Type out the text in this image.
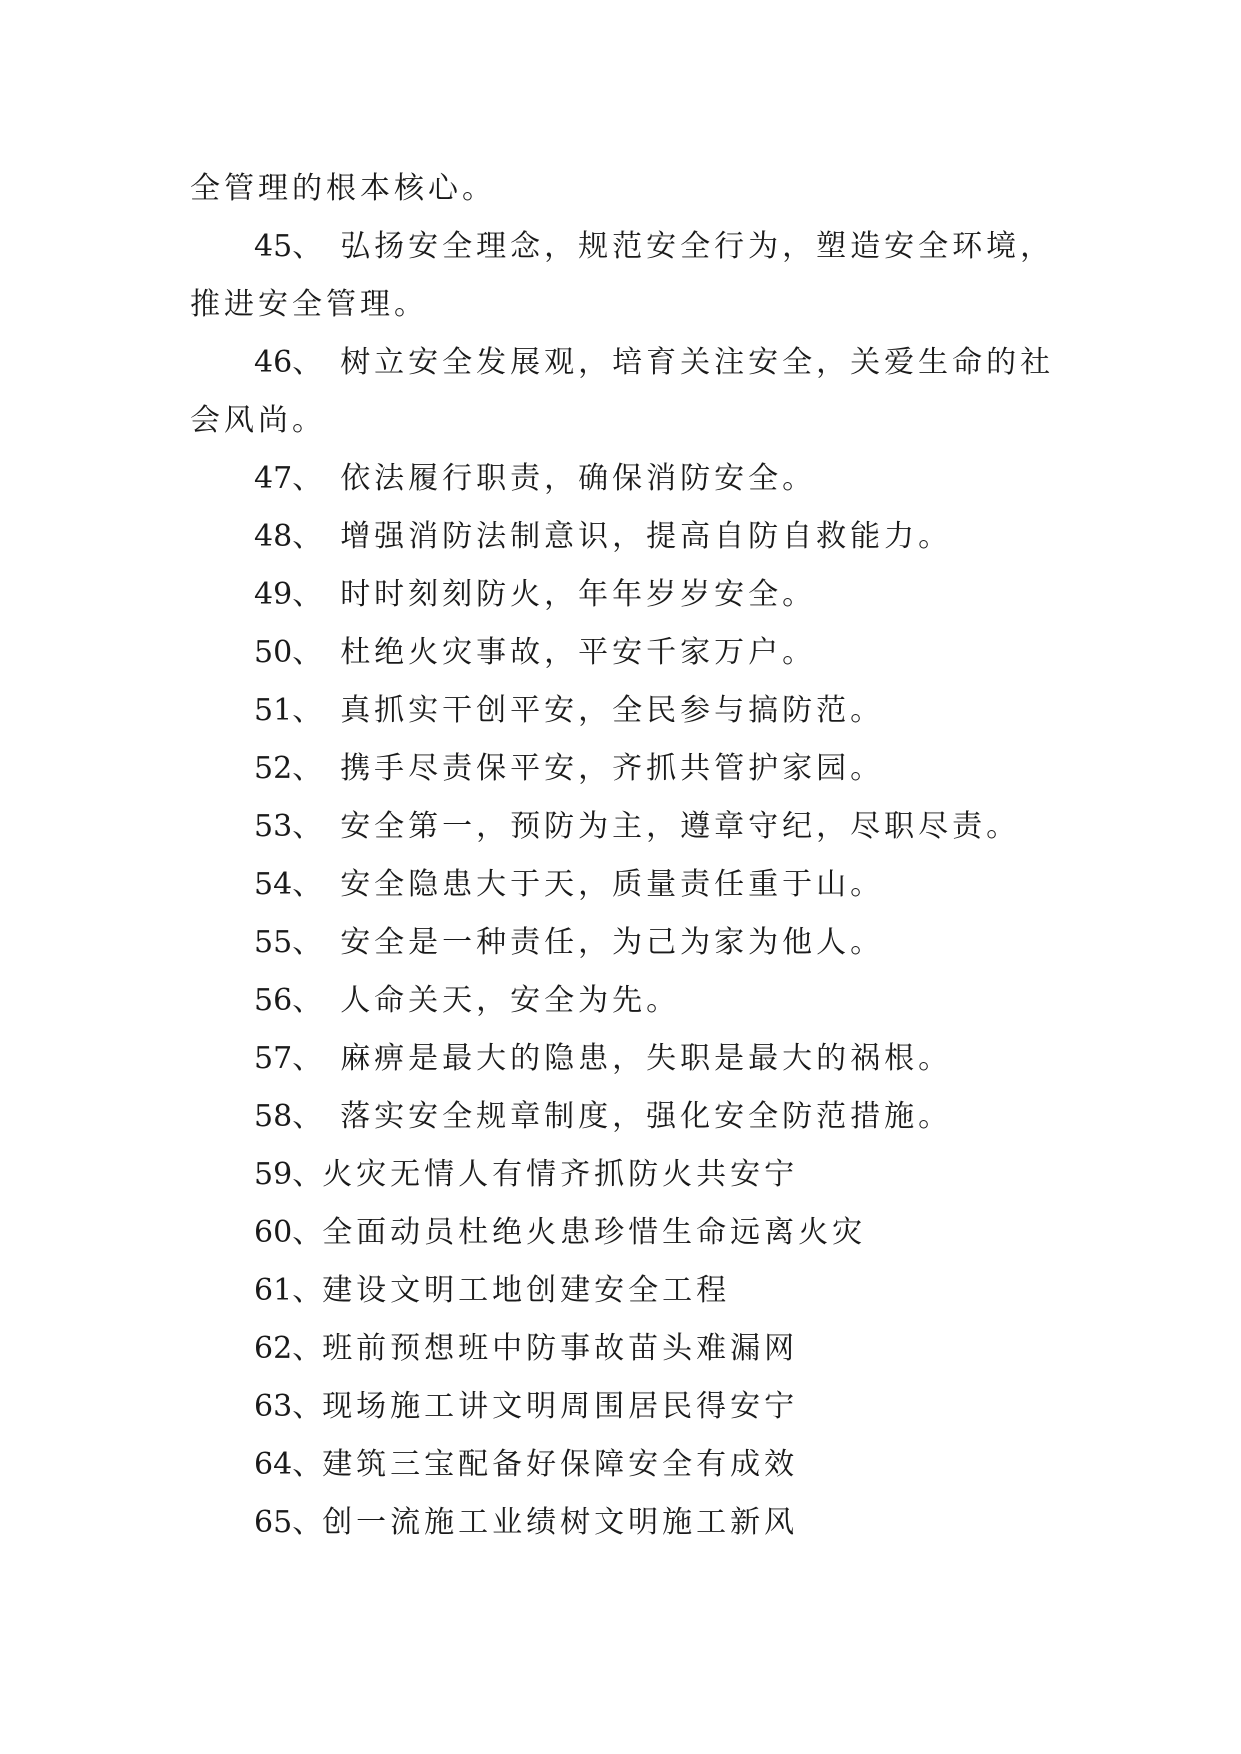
全管理的根本核心。
45、 弘扬安全理念，规范安全行为，塑造安全环境，
推进安全管理。
46、 树立安全发展观，培育关注安全，关爱生命的社
会风尚。
47、 依法履行职责，确保消防安全。
48、 增强消防法制意识，提高自防自救能力。
49、 时时刻刻防火，年年岁岁安全。
50、 杜绝火灾事故，平安千家万户。
51、 真抓实干创平安，全民参与搞防范。
52、 携手尽责保平安，齐抓共管护家园。
53、 安全第一，预防为主，遵章守纪，尽职尽责。
54、 安全隐患大于天，质量责任重于山。
55、 安全是一种责任，为己为家为他人。
56、 人命关天，安全为先。
57、 麻痹是最大的隐患，失职是最大的祸根。
58、 落实安全规章制度，强化安全防范措施。
59、火灾无情人有情齐抓防火共安宁
60、全面动员杜绝火患珍惜生命远离火灾
61、建设文明工地创建安全工程
62、班前预想班中防事故苗头难漏网
63、现场施工讲文明周围居民得安宁
64、建筑三宝配备好保障安全有成效
65、创一流施工业绩树文明施工新风
